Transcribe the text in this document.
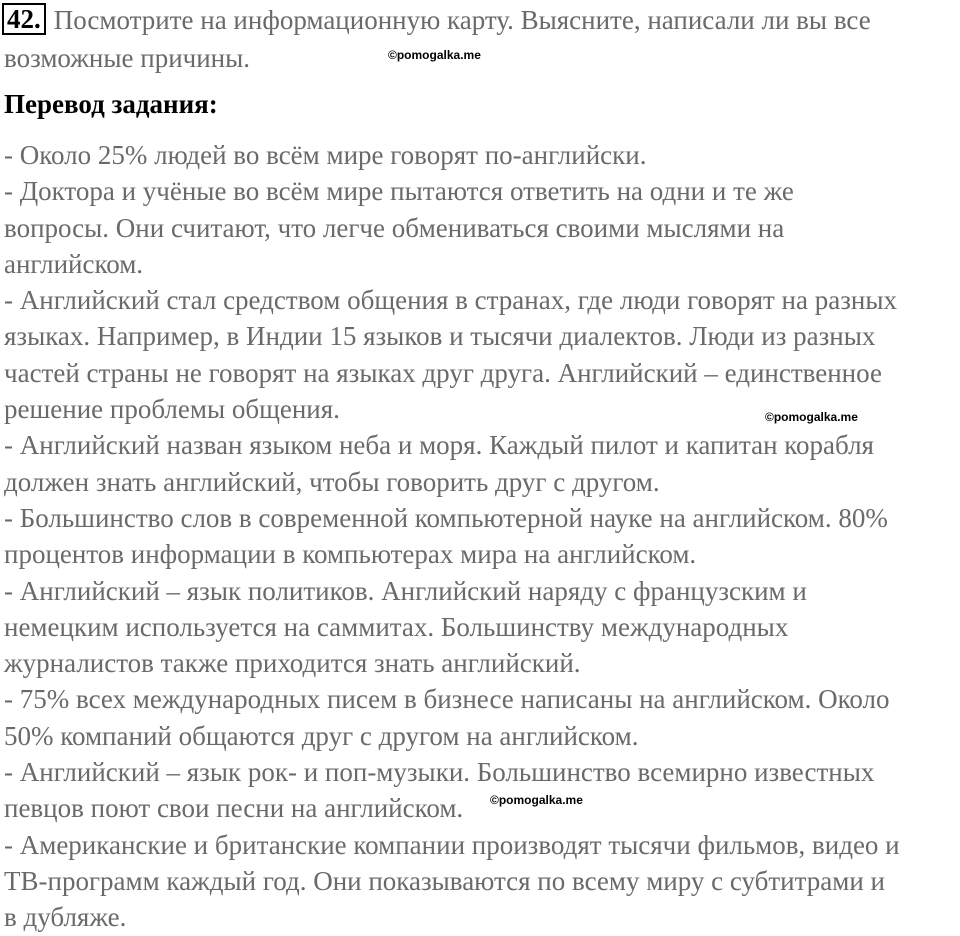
42. Посмотрите на информационную карту. Выясните, написали ли вы все
возможные причины.	©pomogalka.me
Перевод задания:
- Около 25% людей во всём мире говорят по-английски.
- Доктора и учёные во всём мире пытаются ответить на одни и те же
вопросы. Они считают, что легче обмениваться своими мыслями на
английском.
- Английский стал средством общения в странах, где люди говорят на разных
языках. Например, в Индии 15 языков и тысячи диалектов. Люди из разных
частей страны не говорят на языках друг друга. Английский – единственное
решение проблемы общения.
- Английский назван языком неба и моря. Каждый пилот и капитан корабля
должен знать английский, чтобы говорить друг с другом.
- Большинство слов в современной компьютерной науке на английском. 80%
процентов информации в компьютерах мира на английском.
- Английский – язык политиков. Английский наряду с французским и
немецким используется на саммитах. Большинству международных
журналистов также приходится знать английский.
- 75% всех международных писем в бизнесе написаны на английском. Около
50% компаний общаются друг с другом на английском.
- Английский – язык рок- и поп-музыки. Большинство всемирно известных
певцов поют свои песни на английском.
- Американские и британские компании производят тысячи фильмов, видео и
ТВ-программ каждый год. Они показываются по всему миру с субтитрами и
в дубляже.
©pomogalka.me
©pomogalka.me
